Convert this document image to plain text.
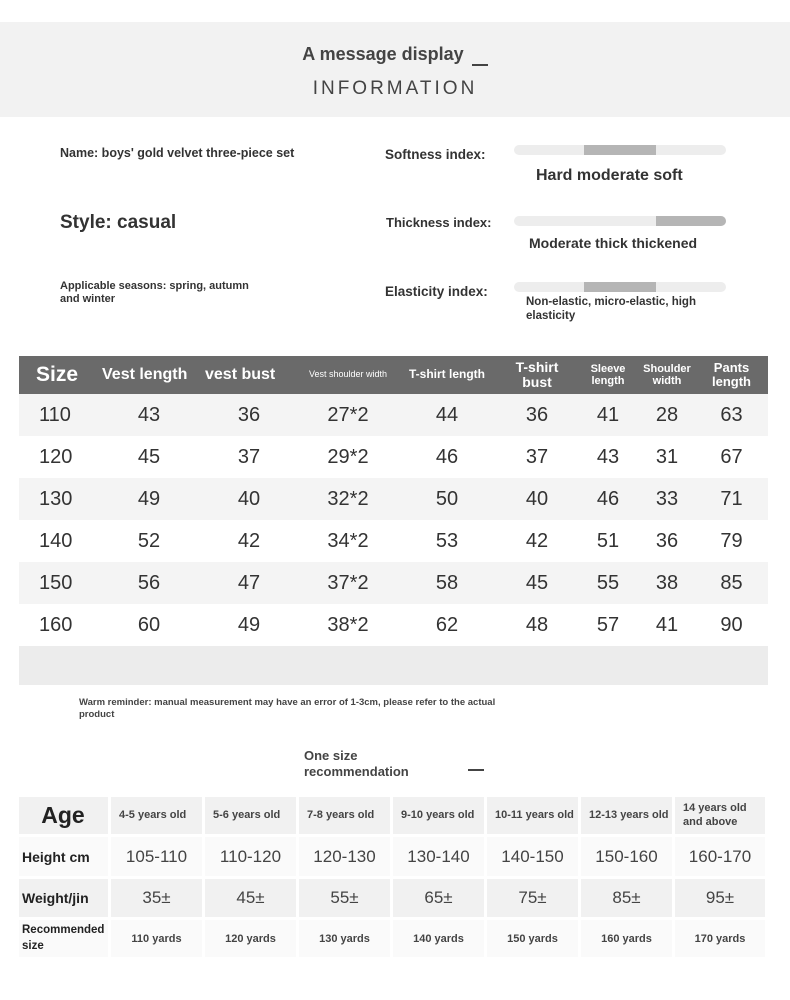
A message display
INFORMATION
Name: boys' gold velvet three-piece set
Style: casual
Applicable seasons: spring, autumn and winter
Softness index:
Hard moderate soft
Thickness index:
Moderate thick thickened
Elasticity index:
Non-elastic, micro-elastic, high elasticity
Size	Vest length	vest bust	Vest shoulder width	T-shirt length	T-shirt bust	Sleeve length	Shoulder width	Pants length
110	43	36	27*2	44	36	41	28	63
120	45	37	29*2	46	37	43	31	67
130	49	40	32*2	50	40	46	33	71
140	52	42	34*2	53	42	51	36	79
150	56	47	37*2	58	45	55	38	85
160	60	49	38*2	62	48	57	41	90

Warm reminder: manual measurement may have an error of 1-3cm, please refer to the actual product
One size
recommendation
Age	4-5 years old	5-6 years old	7-8 years old	9-10 years old	10-11 years old	12-13 years old	14 years old and above
Height cm	105-110	110-120	120-130	130-140	140-150	150-160	160-170
Weight/jin	35±	45±	55±	65±	75±	85±	95±
Recommended size	110 yards	120 yards	130 yards	140 yards	150 yards	160 yards	170 yards
